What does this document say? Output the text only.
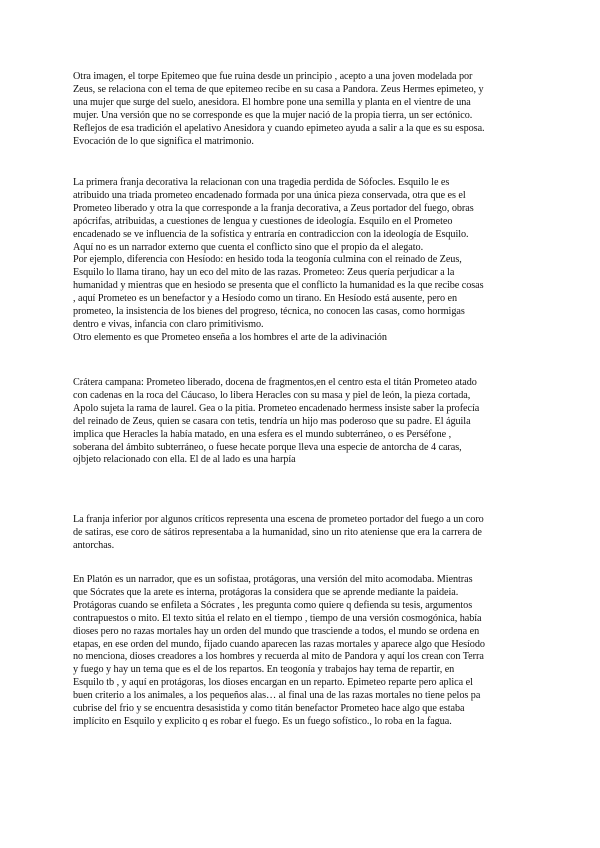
Otra imagen, el torpe Epitemeo que fue ruina desde un principio , acepto a una joven modelada por

Zeus, se relaciona con el tema de que epitemeo recibe en su casa a Pandora. Zeus Hermes epimeteo, y

una mujer que surge del suelo, anesidora. El hombre pone una semilla y planta en el vientre de una

mujer. Una versión que no se corresponde es que la mujer nació de la propia tierra, un ser ectónico.

Reflejos de esa tradición el apelativo Anesidora y cuando epimeteo ayuda a salir a la que es su esposa.

Evocación de lo que significa el matrimonio.

La primera franja decorativa la relacionan con una tragedia perdida de Sófocles. Esquilo le es

atribuido una triada prometeo encadenado formada por una única pieza conservada, otra que es el

Prometeo liberado y otra la que corresponde a la franja decorativa, a Zeus portador del fuego, obras

apócrifas, atribuidas, a cuestiones de lengua y cuestiones de ideología. Esquilo en el Prometeo

encadenado se ve influencia de la sofística y entraría en contradiccion con la ideología de Esquilo.

Aquí no es un narrador externo que cuenta el conflicto sino que el propio da el alegato.

Por ejemplo, diferencia con Hesíodo: en hesido toda la teogonía culmina con el reinado de Zeus,

Esquilo lo llama tirano, hay un eco del mito de las razas. Prometeo: Zeus quería perjudicar a la

humanidad y mientras que en hesiodo se presenta que el conflicto la humanidad es la que recibe cosas

, aquí Prometeo es un benefactor y a Hesíodo como un tirano. En Hesíodo está ausente, pero en

prometeo, la insistencia de los bienes del progreso, técnica, no conocen las casas, como hormigas

dentro e vivas, infancia con claro primitivismo.

Otro elemento es que Prometeo enseña a los hombres el arte de la adivinación

Crátera campana: Prometeo liberado, docena de fragmentos,en el centro esta el titán Prometeo atado

con cadenas en la roca del Cáucaso, lo libera Heracles con su masa y piel de león, la pieza cortada,

Apolo sujeta la rama de laurel. Gea o la pitia. Prometeo encadenado hermess insiste saber la profecía

del reinado de Zeus, quien se casara con tetis, tendría un hijo mas poderoso que su padre. El águila

implica que Heracles la había matado, en una esfera es el mundo subterráneo, o es Perséfone ,

soberana del ámbito subterráneo, o fuese hecate porque lleva una especie de antorcha de 4 caras,

ojbjeto relacionado con ella. El de al lado es una harpía

La franja inferior por algunos críticos representa una escena de prometeo portador del fuego a un coro

de satiras, ese coro de sátiros representaba a la humanidad, sino un rito ateniense que era la carrera de

antorchas.

En Platón es un narrador, que es un sofistaa, protágoras, una versión del mito acomodaba. Mientras

que Sócrates que la arete es interna, protágoras la considera que se aprende mediante la paideia.

Protágoras cuando se enfileta a Sócrates , les pregunta como quiere q defienda su tesis, argumentos

contrapuestos o mito. El texto sitúa el relato en el tiempo , tiempo de una versión cosmogónica, había

dioses pero no razas mortales hay un orden del mundo que trasciende a todos, el mundo se ordena en

etapas, en ese orden del mundo, fijado cuando aparecen las razas mortales y aparece algo que Hesíodo

no menciona, dioses creadores a los hombres y recuerda al mito de Pandora y aquí los crean con Terra

y fuego y hay un tema que es el de los repartos. En teogonía y trabajos hay tema de repartir, en

Esquilo tb , y aquí en protágoras, los dioses encargan en un reparto. Epimeteo reparte pero aplica el

buen criterio a los animales, a los pequeños alas… al final una de las razas mortales no tiene pelos pa

cubrise del frio y se encuentra desasistida y como titán benefactor Prometeo hace algo que estaba

implícito en Esquilo y explicito q es robar el fuego. Es un fuego sofístico., lo roba en la fagua.
